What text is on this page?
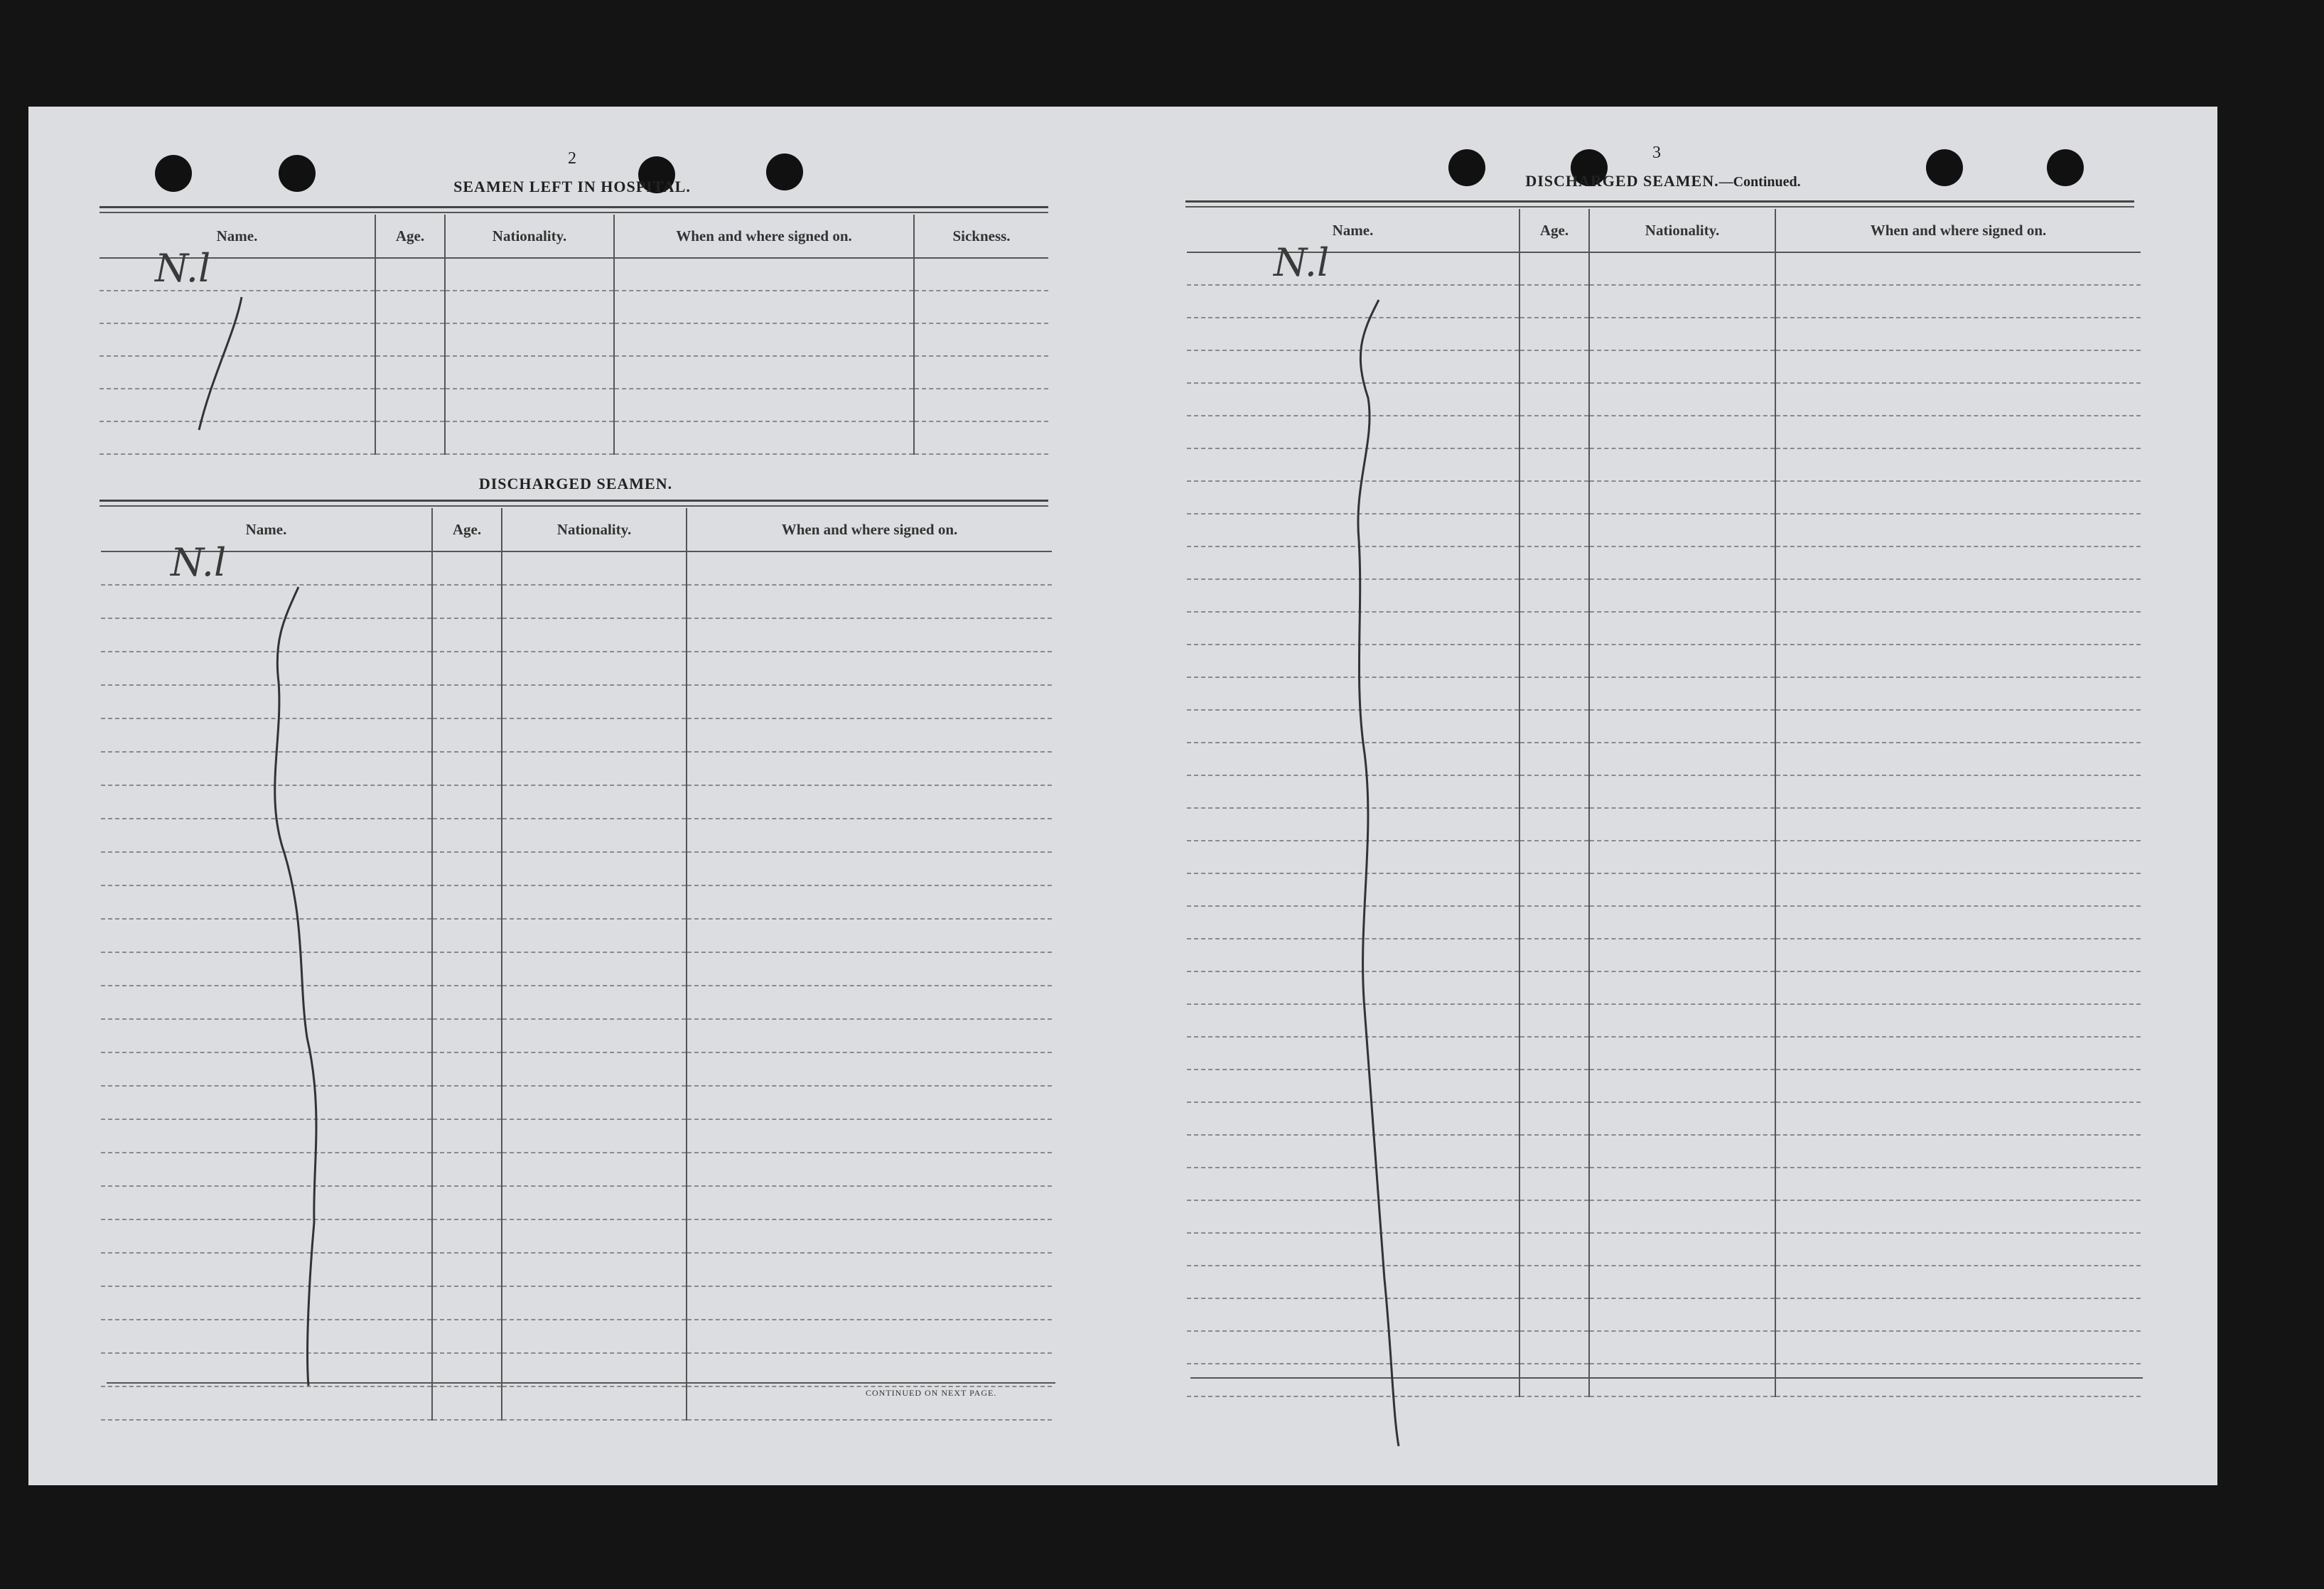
2
SEAMEN LEFT IN HOSPITAL.
Name.	Age.	Nationality.	When and where signed on.	Sickness.

N.l
DISCHARGED SEAMEN.
Name.	Age.	Nationality.	When and where signed on.

N.l
CONTINUED ON NEXT PAGE.
3
DISCHARGED SEAMEN.—Continued.
Name.	Age.	Nationality.	When and where signed on.

N.l
